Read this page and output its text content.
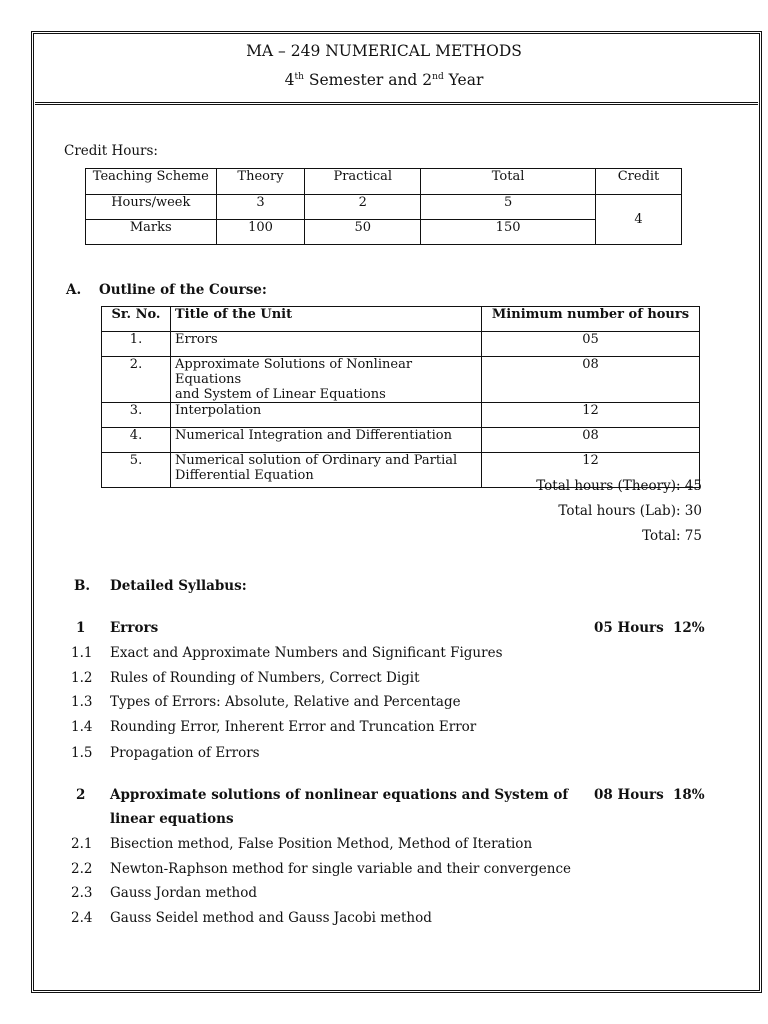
MA – 249 NUMERICAL METHODS
4th Semester and 2nd Year
Credit Hours:
Teaching Scheme	Theory	Practical	Total	Credit
Hours/week	3	2	5	4
Marks	100	50	150	
A. Outline of the Course:
Sr. No.	Title of the Unit	Minimum number of hours
1.	Errors	05
2.	Approximate Solutions of Nonlinear Equations
and System of Linear Equations	08
3.	Interpolation	12
4.	Numerical Integration and Differentiation	08
5.	Numerical solution of Ordinary and Partial
Differential Equation	12
Total hours (Theory): 45
Total hours (Lab): 30
Total: 75
B. Detailed Syllabus:
1 Errors	05 Hours 12%
1.1 Exact and Approximate Numbers and Significant Figures
1.2 Rules of Rounding of Numbers, Correct Digit
1.3 Types of Errors: Absolute, Relative and Percentage
1.4 Rounding Error, Inherent Error and Truncation Error
1.5 Propagation of Errors
2 Approximate solutions of nonlinear equations and System of
linear equations
08 Hours 18%
2.1 Bisection method, False Position Method, Method of Iteration
2.2 Newton-Raphson method for single variable and their convergence
2.3 Gauss Jordan method
2.4 Gauss Seidel method and Gauss Jacobi method
